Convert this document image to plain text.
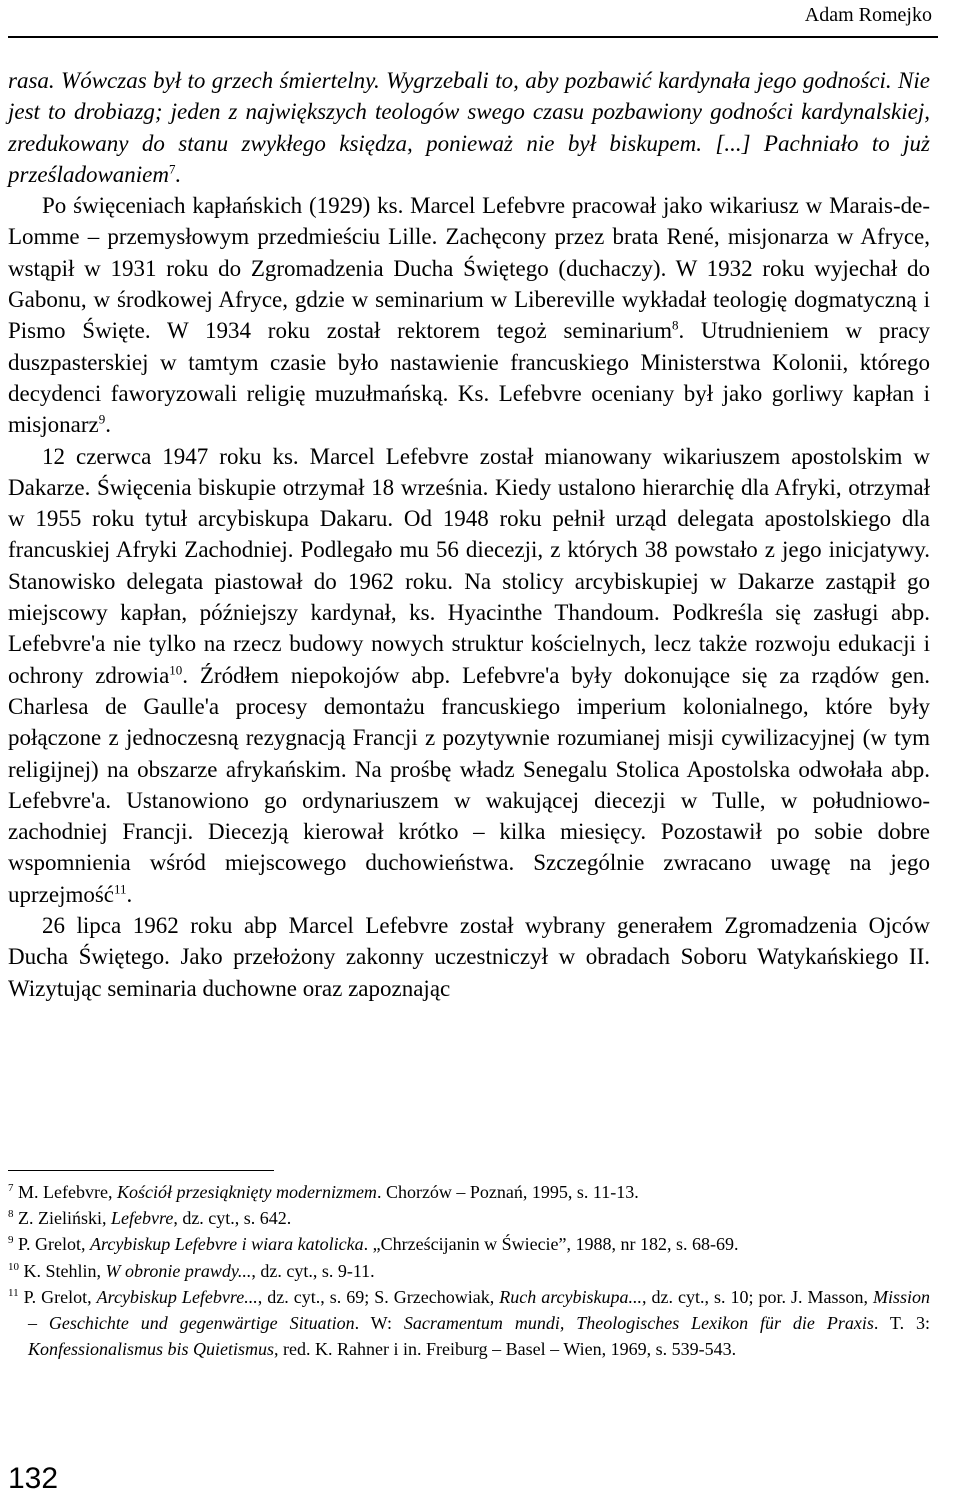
Adam Romejko

rasa. Wówczas był to grzech śmiertelny. Wygrzebali to, aby pozbawić kardynała jego godności. Nie jest to drobiazg; jeden z największych teologów swego czasu pozbawiony godności kardynalskiej, zredukowany do stanu zwykłego księdza, ponieważ nie był biskupem. [...] Pachniało to już prześladowaniem$^7$.

Po święceniach kapłańskich (1929) ks. Marcel Lefebvre pracował jako wikariusz w Marais-de-Lomme – przemysłowym przedmieściu Lille. Zachęcony przez brata René, misjonarza w Afryce, wstąpił w 1931 roku do Zgromadzenia Ducha Świętego (duchaczy). W 1932 roku wyjechał do Gabonu, w środkowej Afryce, gdzie w seminarium w Libereville wykładał teologię dogmatyczną i Pismo Święte. W 1934 roku został rektorem tegoż seminarium$^8$. Utrudnieniem w pracy duszpasterskiej w tamtym czasie było nastawienie francuskiego Ministerstwa Kolonii, którego decydenci faworyzowali religię muzułmańską. Ks. Lefebvre oceniany był jako gorliwy kapłan i misjonarz$^9$.

12 czerwca 1947 roku ks. Marcel Lefebvre został mianowany wikariuszem apostolskim w Dakarze. Święcenia biskupie otrzymał 18 września. Kiedy ustalono hierarchię dla Afryki, otrzymał w 1955 roku tytuł arcybiskupa Dakaru. Od 1948 roku pełnił urząd delegata apostolskiego dla francuskiej Afryki Zachodniej. Podlegało mu 56 diecezji, z których 38 powstało z jego inicjatywy. Stanowisko delegata piastował do 1962 roku. Na stolicy arcybiskupiej w Dakarze zastąpił go miejscowy kapłan, późniejszy kardynał, ks. Hyacinthe Thandoum. Podkreśla się zasługi abp. Lefebvre'a nie tylko na rzecz budowy nowych struktur kościelnych, lecz także rozwoju edukacji i ochrony zdrowia$^{10}$. Źródłem niepokojów abp. Lefebvre'a były dokonujące się za rządów gen. Charlesa de Gaulle'a procesy demontażu francuskiego imperium kolonialnego, które były połączone z jednoczesną rezygnacją Francji z pozytywnie rozumianej misji cywilizacyjnej (w tym religijnej) na obszarze afrykańskim. Na prośbę władz Senegalu Stolica Apostolska odwołała abp. Lefebvre'a. Ustanowiono go ordynariuszem w wakującej diecezji w Tulle, w południowo-zachodniej Francji. Diecezją kierował krótko – kilka miesięcy. Pozostawił po sobie dobre wspomnienia wśród miejscowego duchowieństwa. Szczególnie zwracano uwagę na jego uprzejmość$^{11}$.

26 lipca 1962 roku abp Marcel Lefebvre został wybrany generałem Zgromadzenia Ojców Ducha Świętego. Jako przełożony zakonny uczestniczył w obradach Soboru Watykańskiego II. Wizytując seminaria duchowne oraz zapoznając

$^7$ M. Lefebvre, Kościół przesiąknięty modernizmem. Chorzów – Poznań, 1995, s. 11-13.
$^8$ Z. Zieliński, Lefebvre, dz. cyt., s. 642.
$^9$ P. Grelot, Arcybiskup Lefebvre i wiara katolicka. „Chrześcijanin w Świecie”, 1988, nr 182, s. 68-69.
$^{10}$ K. Stehlin, W obronie prawdy..., dz. cyt., s. 9-11.
$^{11}$ P. Grelot, Arcybiskup Lefebvre..., dz. cyt., s. 69; S. Grzechowiak, Ruch arcybiskupa..., dz. cyt., s. 10; por. J. Masson, Mission – Geschichte und gegenwärtige Situation. W: Sacramentum mundi, Theologisches Lexikon für die Praxis. T. 3: Konfessionalismus bis Quietismus, red. K. Rahner i in. Freiburg – Basel – Wien, 1969, s. 539-543.
132
